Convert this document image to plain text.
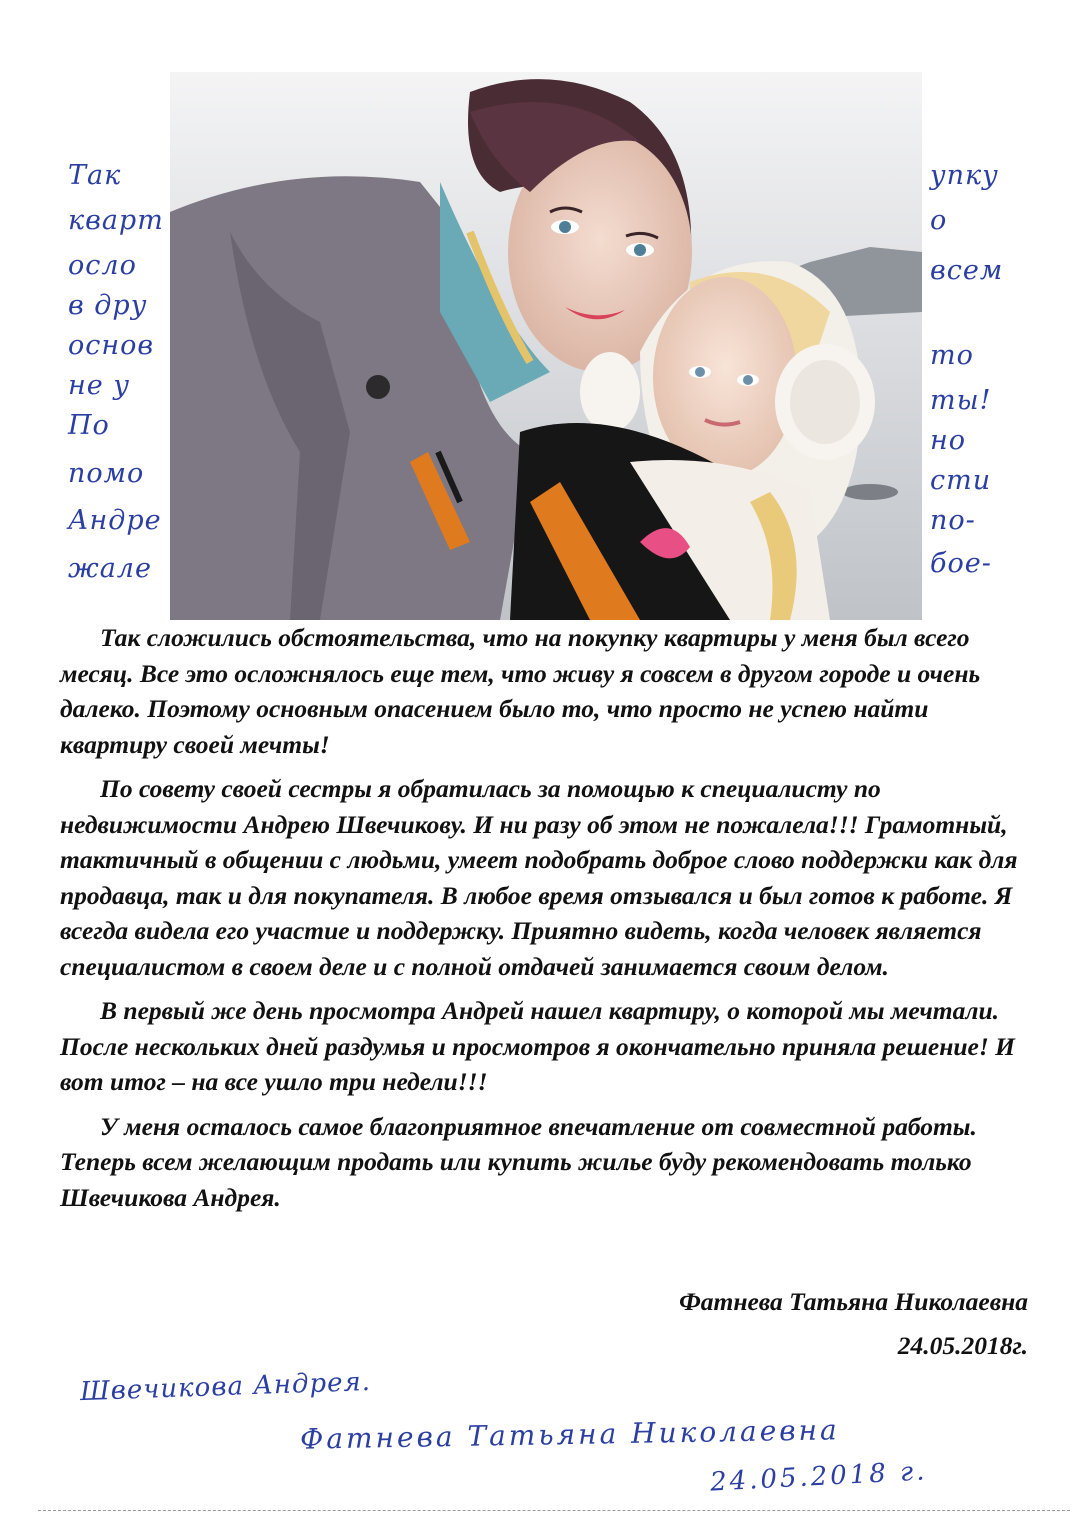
Так
кварт
осло
в дру
основ
не у
По
помо
Андре
жале
упку
о
всем
то
ты!
но
сти
по-
бое-
Швечикова Андрея.
Фатнева Татьяна Николаевна
24.05.2018 г.

Так сложились обстоятельства, что на покупку квартиры у меня был всего месяц. Все это осложнялось еще тем, что живу я совсем в другом городе и очень далеко. Поэтому основным опасением было то, что просто не успею найти квартиру своей мечты!

По совету своей сестры я обратилась за помощью к специалисту по недвижимости Андрею Швечикову. И ни разу об этом не пожалела!!! Грамотный, тактичный в общении с людьми, умеет подобрать доброе слово поддержки как для продавца, так и для покупателя. В любое время отзывался и был готов к работе. Я всегда видела его участие и поддержку. Приятно видеть, когда человек является специалистом в своем деле и с полной отдачей занимается своим делом.

В первый же день просмотра Андрей нашел квартиру, о которой мы мечтали. После нескольких дней раздумья и просмотров я окончательно приняла решение! И вот итог – на все ушло три недели!!!

У меня осталось самое благоприятное впечатление от совместной работы. Теперь всем желающим продать или купить жилье буду рекомендовать только Швечикова Андрея.

Фатнева Татьяна Николаевна
24.05.2018г.
